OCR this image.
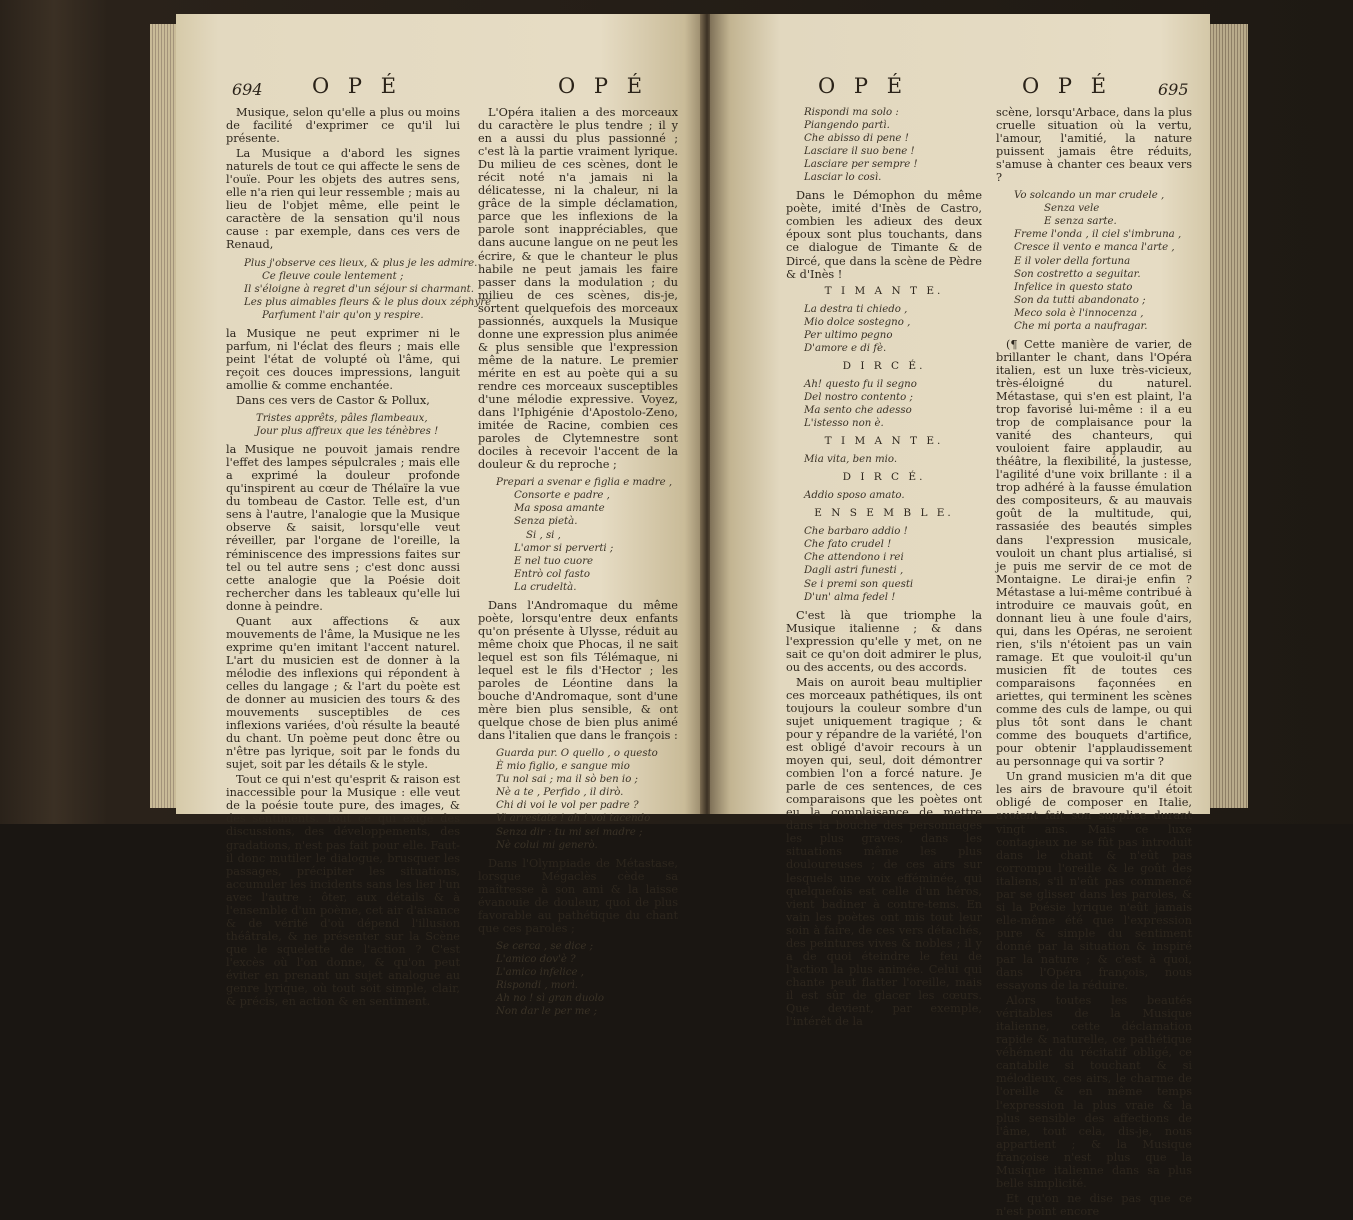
694 O P É	O P É

Musique, selon qu'elle a plus ou moins de facilité d'exprimer ce qu'il lui présente.

La Musique a d'abord les signes naturels de tout ce qui affecte le sens de l'ouïe. Pour les objets des autres sens, elle n'a rien qui leur ressemble ; mais au lieu de l'objet même, elle peint le caractère de la sensation qu'il nous cause : par exemple, dans ces vers de Renaud,

Plus j'observe ces lieux, & plus je les admire.
Ce fleuve coule lentement ;
Il s'éloigne à regret d'un séjour si charmant.
Les plus aimables fleurs & le plus doux zéphyre
Parfument l'air qu'on y respire.

la Musique ne peut exprimer ni le parfum, ni l'éclat des fleurs ; mais elle peint l'état de volupté où l'âme, qui reçoit ces douces impressions, languit amollie & comme enchantée.

Dans ces vers de Castor & Pollux,

Tristes apprêts, pâles flambeaux,
Jour plus affreux que les ténèbres !

la Musique ne pouvoit jamais rendre l'effet des lampes sépulcrales ; mais elle a exprimé la douleur profonde qu'inspirent au cœur de Thélaïre la vue du tombeau de Castor. Telle est, d'un sens à l'autre, l'analogie que la Musique observe & saisit, lorsqu'elle veut réveiller, par l'organe de l'oreille, la réminiscence des impressions faites sur tel ou tel autre sens ; c'est donc aussi cette analogie que la Poésie doit rechercher dans les tableaux qu'elle lui donne à peindre.

Quant aux affections & aux mouvements de l'âme, la Musique ne les exprime qu'en imitant l'accent naturel. L'art du musicien est de donner à la mélodie des inflexions qui répondent à celles du langage ; & l'art du poète est de donner au musicien des tours & des mouvements susceptibles de ces inflexions variées, d'où résulte la beauté du chant. Un poème peut donc être ou n'être pas lyrique, soit par le fonds du sujet, soit par les détails & le style.

Tout ce qui n'est qu'esprit & raison est inaccessible pour la Musique : elle veut de la poésie toute pure, des images, & des sentiments. Tout ce qui exige des discussions, des développements, des gradations, n'est pas fait pour elle. Faut-il donc mutiler le dialogue, brusquer les passages, précipiter les situations, accumuler les incidents sans les lier l'un avec l'autre : ôter, aux détails & à l'ensemble d'un poème, cet air d'aisance & de vérité d'où dépend l'illusion théâtrale, & ne présenter sur la Scène que le squelette de l'action ? C'est l'excès où l'on donne, & qu'on peut éviter en prenant un sujet analogue au genre lyrique, où tout soit simple, clair, & précis, en action & en sentiment.

L'Opéra italien a des morceaux du caractère le plus tendre ; il y en a aussi du plus passionné ; c'est là la partie vraiment lyrique. Du milieu de ces scènes, dont le récit noté n'a jamais ni la délicatesse, ni la chaleur, ni la grâce de la simple déclamation, parce que les inflexions de la parole sont inappréciables, que dans aucune langue on ne peut les écrire, & que le chanteur le plus habile ne peut jamais les faire passer dans la modulation ; du milieu de ces scènes, dis-je, sortent quelquefois des morceaux passionnés, auxquels la Musique donne une expression plus animée & plus sensible que l'expression même de la nature. Le premier mérite en est au poète qui a su rendre ces morceaux susceptibles d'une mélodie expressive. Voyez, dans l'Iphigénie d'Apostolo-Zeno, imitée de Racine, combien ces paroles de Clytemnestre sont dociles à recevoir l'accent de la douleur & du reproche ;

Prepari a svenar e figlia e madre ,
Consorte e padre ,
Ma sposa amante
Senza pietà.
Si , si ,
L'amor si perverti ;
E nel tuo cuore
Entrò col fasto
La crudeltà.

Dans l'Andromaque du même poète, lorsqu'entre deux enfants qu'on présente à Ulysse, réduit au même choix que Phocas, il ne sait lequel est son fils Télémaque, ni lequel est le fils d'Hector ; les paroles de Léontine dans la bouche d'Andromaque, sont d'une mère bien plus sensible, & ont quelque chose de bien plus animé dans l'italien que dans le françois :

Guarda pur. O quello , o questo
È mio figlio, e sangue mio
Tu nol sai ; ma il sò ben io ;
Nè a te , Perfido , il dirò.
Chi di voi le vol per padre ?
Vi arrestate ! ah ! voi tacendo
Senza dir : tu mi sei madre ;
Nè colui mi generò.

Dans l'Olympiade de Métastase, lorsque Mégaclès cède sa maîtresse à son ami & la laisse évanouie de douleur, quoi de plus favorable au pathétique du chant que ces paroles ;

Se cerca , se dice ;
L'amico dov'è ?
L'amico infelice ,
Rispondi , morì.
Ah no ! sì gran duolo
Non dar le per me ;
O P É	O P É	695
Rispondi ma solo :
Piangendo partì.
Che abisso di pene !
Lasciare il suo bene !
Lasciare per sempre !
Lasciar lo così.

Dans le Démophon du même poète, imité d'Inès de Castro, combien les adieux des deux époux sont plus touchants, dans ce dialogue de Timante & de Dircé, que dans la scène de Pèdre & d'Inès !

T I M A N T E.
La destra ti chiedo ,
Mio dolce sostegno ,
Per ultimo pegno
D'amore e di fè.
D I R C É.
Ah! questo fu il segno
Del nostro contento ;
Ma sento che adesso
L'istesso non è.
T I M A N T E.
Mia vita, ben mio.
D I R C É.
Addio sposo amato.
E N S E M B L E.
Che barbaro addio !
Che fato crudel !
Che attendono i rei
Dagli astri funesti ,
Se i premi son questi
D'un' alma fedel !

C'est là que triomphe la Musique italienne ; & dans l'expression qu'elle y met, on ne sait ce qu'on doit admirer le plus, ou des accents, ou des accords.

Mais on auroit beau multiplier ces morceaux pathétiques, ils ont toujours la couleur sombre d'un sujet uniquement tragique ; & pour y répandre de la variété, l'on est obligé d'avoir recours à un moyen qui, seul, doit démontrer combien l'on a forcé nature. Je parle de ces sentences, de ces comparaisons que les poètes ont eu la complaisance de mettre dans la bouche des personnages les plus graves, dans les situations même les plus douloureuses ; de ces airs sur lesquels une voix efféminée, qui quelquefois est celle d'un héros, vient badiner à contre-tems. En vain les poètes ont mis tout leur soin à faire, de ces vers détachés, des peintures vives & nobles ; il y a de quoi éteindre le feu de l'action la plus animée. Celui qui chante peut flatter l'oreille, mais il est sûr de glacer les cœurs. Que devient, par exemple, l'intérêt de la

scène, lorsqu'Arbace, dans la plus cruelle situation où la vertu, l'amour, l'amitié, la nature puissent jamais être réduits, s'amuse à chanter ces beaux vers ?

Vo solcando un mar crudele ,
Senza vele
E senza sarte.
Freme l'onda , il ciel s'imbruna ,
Cresce il vento e manca l'arte ,
E il voler della fortuna
Son costretto a seguitar.
Infelice in questo stato
Son da tutti abandonato ;
Meco sola è l'innocenza ,
Che mi porta a naufragar.

(¶ Cette manière de varier, de brillanter le chant, dans l'Opéra italien, est un luxe très-vicieux, très-éloigné du naturel. Métastase, qui s'en est plaint, l'a trop favorisé lui-même : il a eu trop de complaisance pour la vanité des chanteurs, qui vouloient faire applaudir, au théâtre, la flexibilité, la justesse, l'agilité d'une voix brillante : il a trop adhéré à la fausse émulation des compositeurs, & au mauvais goût de la multitude, qui, rassasiée des beautés simples dans l'expression musicale, vouloit un chant plus artialisé, si je puis me servir de ce mot de Montaigne. Le dirai-je enfin ? Métastase a lui-même contribué à introduire ce mauvais goût, en donnant lieu à une foule d'airs, qui, dans les Opéras, ne seroient rien, s'ils n'étoient pas un vain ramage. Et que vouloit-il qu'un musicien fît de toutes ces comparaisons façonnées en ariettes, qui terminent les scènes comme des culs de lampe, ou qui plus tôt sont dans le chant comme des bouquets d'artifice, pour obtenir l'applaudissement au personnage qui va sortir ?

Un grand musicien m'a dit que les airs de bravoure qu'il étoit obligé de composer en Italie, avoient fait son supplice durant vingt ans. Mais ce luxe contagieux ne se fût pas introduit dans le chant & n'eût pas corrompu l'oreille & le goût des italiens, s'il n'eût pas commencé par se glisser dans les paroles, & si la Poésie lyrique n'eût jamais elle-même été que l'expression pure & simple du sentiment donné par la situation & inspiré par la nature ; & c'est à quoi, dans l'Opéra françois, nous essayons de la réduire.

Alors toutes les beautés véritables de la Musique italienne, cette déclamation rapide & naturelle, ce pathétique véhément du récitatif obligé, ce cantabile si touchant & si mélodieux, ces airs, le charme de l'oreille & en même temps l'expression la plus vraie & la plus sensible des affections de l'âme, tout cela, dis-je, nous appartient ; & la Musique françoise n'est plus que la Musique italienne dans sa plus belle simplicité.

Et qu'on ne dise pas que ce n'est point encore
